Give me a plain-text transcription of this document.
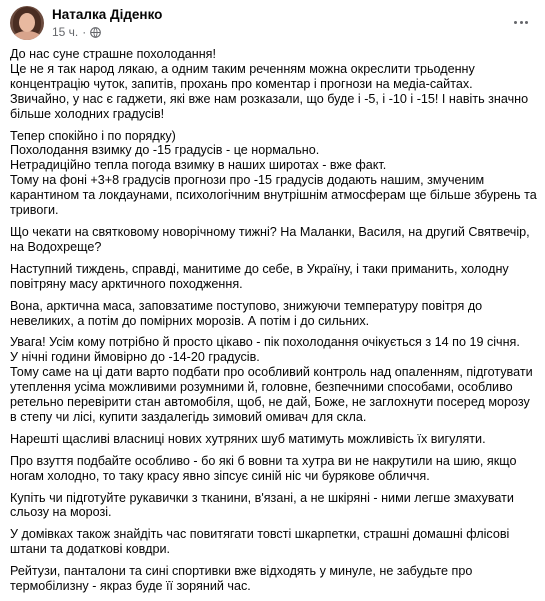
Наталка Діденко
15 ч. ·

До нас суне страшне похолодання!
Це не я так народ лякаю, а одним таким реченням можна окреслити трьоденну концентрацію чуток, запитів, прохань про коментар і прогнози на медіа-сайтах.
Звичайно, у нас є гаджети, які вже нам розказали, що буде і -5, і -10 і -15! І навіть значно більше холодних градусів!

Тепер спокійно і по порядку)
Похолодання взимку до -15 градусів - це нормально.
Нетрадиційно тепла погода взимку в наших широтах - вже факт.
Тому на фоні +3+8 градусів прогнози про -15 градусів додають нашим, змученим карантином та локдаунами, психологічним внутрішнім атмосферам ще більше збурень та тривоги.

Що чекати на святковому новорічному тижні? На Маланки, Василя, на другий Святвечір, на Водохреще?

Наступний тиждень, справді, манитиме до себе, в Україну, і таки приманить, холодну повітряну масу арктичного походження.

Вона, арктична маса, заповзатиме поступово, знижуючи температуру повітря до невеликих, а потім до помірних морозів. А потім і до сильних.

Увага! Усім кому потрібно й просто цікаво - пік похолодання очікується з 14 по 19 січня.
У нічні години ймовірно до -14-20 градусів.
Тому саме на ці дати варто подбати про особливий контроль над опаленням, підготувати утеплення усіма можливими розумними й, головне, безпечними способами, особливо ретельно перевірити стан автомобіля, щоб, не дай, Боже, не заглохнути посеред морозу в степу чи лісі, купити заздалегідь зимовий омивач для скла.

Нарешті щасливі власниці нових хутряних шуб матимуть можливість їх вигуляти.

Про взуття подбайте особливо - бо які б вовни та хутра ви не накрутили на шию, якщо ногам холодно, то таку красу явно зіпсує синій ніс чи бурякове обличчя.

Купіть чи підготуйте рукавички з тканини, в'язані, а не шкіряні - ними легше змахувати сльозу на морозі.

У домівках також знайдіть час повитягати товсті шкарпетки, страшні домашні флісові штани та додаткові ковдри.

Рейтузи, панталони та сині спортивки вже відходять у минуле, не забудьте про термобілизну - якраз буде її зоряний час.
